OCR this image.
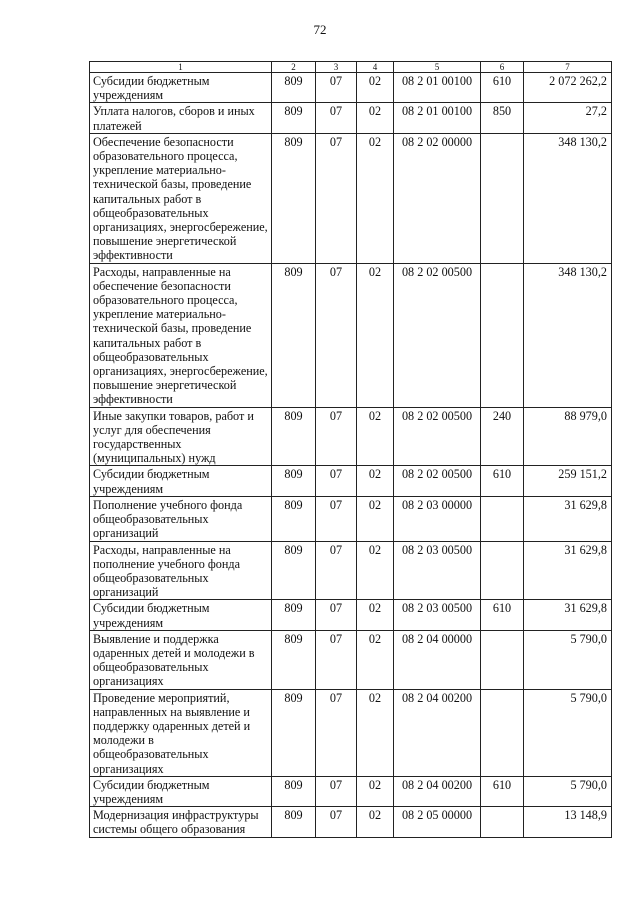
72
1	2	3	4	5	6	7
Субсидии бюджетным учреждениям	809	07	02	08 2 01 00100	610	2 072 262,2
Уплата налогов, сборов и иных платежей	809	07	02	08 2 01 00100	850	27,2
Обеспечение безопасности образовательного процесса, укрепление материально-технической базы, проведение капитальных работ в общеобразовательных организациях, энергосбережение, повышение энергетической эффективности	809	07	02	08 2 02 00000		348 130,2
Расходы, направленные на обеспечение безопасности образовательного процесса, укрепление материально-технической базы, проведение капитальных работ в общеобразовательных организациях, энергосбережение, повышение энергетической эффективности	809	07	02	08 2 02 00500		348 130,2
Иные закупки товаров, работ и услуг для обеспечения государственных (муниципальных) нужд	809	07	02	08 2 02 00500	240	88 979,0
Субсидии бюджетным учреждениям	809	07	02	08 2 02 00500	610	259 151,2
Пополнение учебного фонда общеобразовательных организаций	809	07	02	08 2 03 00000		31 629,8
Расходы, направленные на пополнение учебного фонда общеобразовательных организаций	809	07	02	08 2 03 00500		31 629,8
Субсидии бюджетным учреждениям	809	07	02	08 2 03 00500	610	31 629,8
Выявление и поддержка одаренных детей и молодежи в общеобразовательных организациях	809	07	02	08 2 04 00000		5 790,0
Проведение мероприятий, направленных на выявление и поддержку одаренных детей и молодежи в общеобразовательных организациях	809	07	02	08 2 04 00200		5 790,0
Субсидии бюджетным учреждениям	809	07	02	08 2 04 00200	610	5 790,0
Модернизация инфраструктуры системы общего образования	809	07	02	08 2 05 00000		13 148,9
